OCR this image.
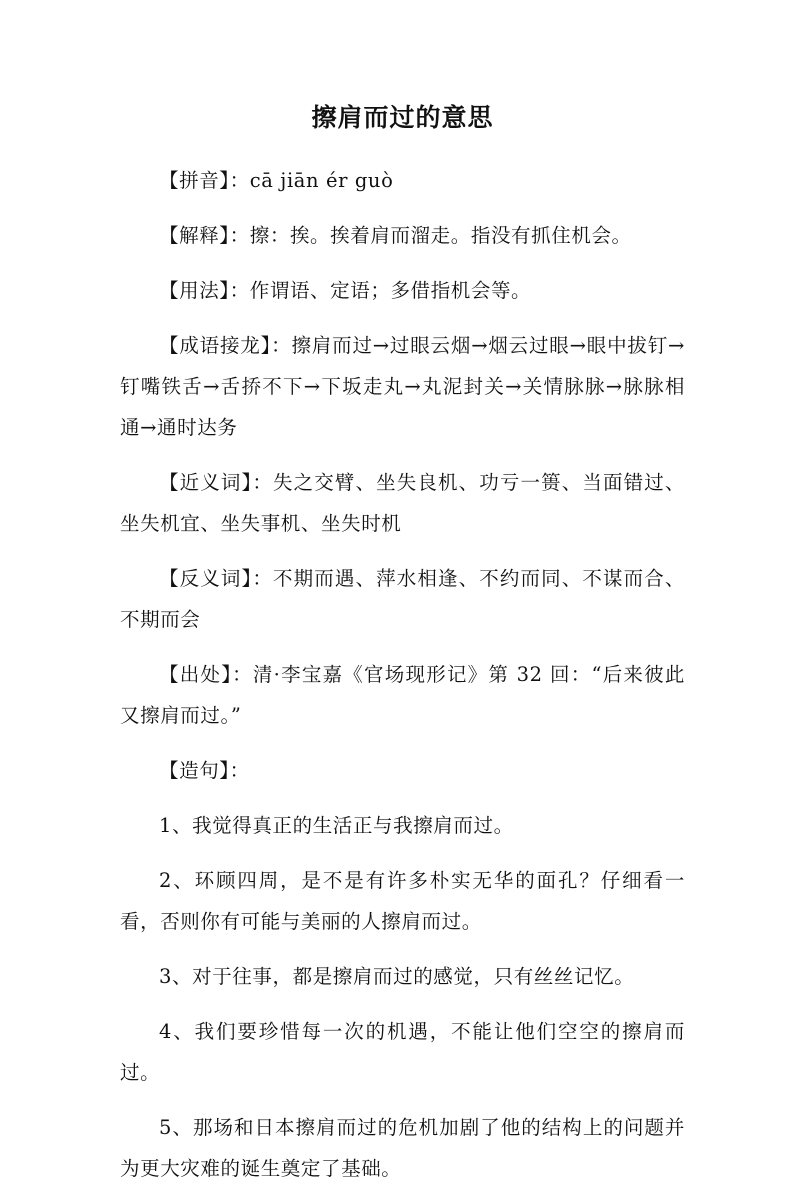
擦肩而过的意思

【拼音】：cā jiān ér guò

【解释】：擦：挨。挨着肩而溜走。指没有抓住机会。

【用法】：作谓语、定语；多借指机会等。

【成语接龙】：擦肩而过→过眼云烟→烟云过眼→眼中拔钉→钉嘴铁舌→舌挢不下→下坂走丸→丸泥封关→关情脉脉→脉脉相通→通时达务

【近义词】：失之交臂、坐失良机、功亏一篑、当面错过、坐失机宜、坐失事机、坐失时机

【反义词】：不期而遇、萍水相逢、不约而同、不谋而合、不期而会

【出处】：清·李宝嘉《官场现形记》第 32 回：“后来彼此又擦肩而过。”

【造句】：

1、我觉得真正的生活正与我擦肩而过。

2、环顾四周，是不是有许多朴实无华的面孔？仔细看一看，否则你有可能与美丽的人擦肩而过。

3、对于往事，都是擦肩而过的感觉，只有丝丝记忆。

4、我们要珍惜每一次的机遇，不能让他们空空的擦肩而过。

5、那场和日本擦肩而过的危机加剧了他的结构上的问题并为更大灾难的诞生奠定了基础。
